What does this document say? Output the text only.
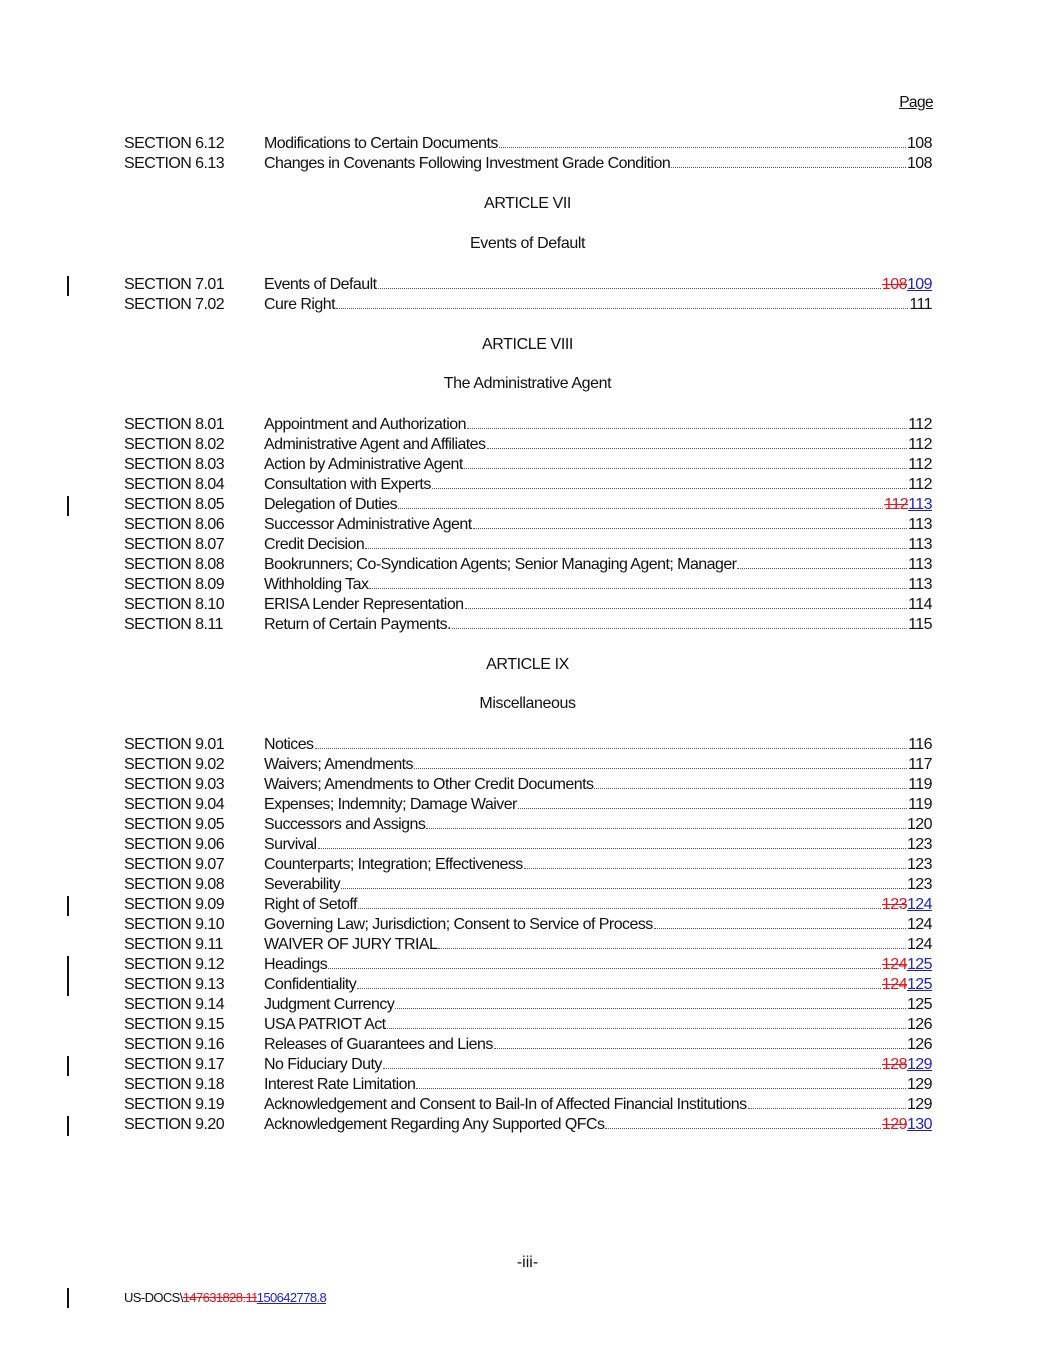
Page
SECTION 6.12	Modifications to Certain Documents	108
SECTION 6.13	Changes in Covenants Following Investment Grade Condition	108
ARTICLE VII
Events of Default
SECTION 7.01	Events of Default	108109
SECTION 7.02	Cure Right	111
ARTICLE VIII
The Administrative Agent
SECTION 8.01	Appointment and Authorization	112
SECTION 8.02	Administrative Agent and Affiliates	112
SECTION 8.03	Action by Administrative Agent	112
SECTION 8.04	Consultation with Experts	112
SECTION 8.05	Delegation of Duties	112113
SECTION 8.06	Successor Administrative Agent	113
SECTION 8.07	Credit Decision	113
SECTION 8.08	Bookrunners; Co-Syndication Agents; Senior Managing Agent; Manager	113
SECTION 8.09	Withholding Tax	113
SECTION 8.10	ERISA Lender Representation	114
SECTION 8.11	Return of Certain Payments.	115
ARTICLE IX
Miscellaneous
SECTION 9.01	Notices	116
SECTION 9.02	Waivers; Amendments	117
SECTION 9.03	Waivers; Amendments to Other Credit Documents	119
SECTION 9.04	Expenses; Indemnity; Damage Waiver	119
SECTION 9.05	Successors and Assigns	120
SECTION 9.06	Survival	123
SECTION 9.07	Counterparts; Integration; Effectiveness	123
SECTION 9.08	Severability	123
SECTION 9.09	Right of Setoff	123124
SECTION 9.10	Governing Law; Jurisdiction; Consent to Service of Process	124
SECTION 9.11	WAIVER OF JURY TRIAL	124
SECTION 9.12	Headings	124125
SECTION 9.13	Confidentiality	124125
SECTION 9.14	Judgment Currency	125
SECTION 9.15	USA PATRIOT Act	126
SECTION 9.16	Releases of Guarantees and Liens	126
SECTION 9.17	No Fiduciary Duty	128129
SECTION 9.18	Interest Rate Limitation	129
SECTION 9.19	Acknowledgement and Consent to Bail-In of Affected Financial Institutions	129
SECTION 9.20	Acknowledgement Regarding Any Supported QFCs	129130
-iii-
US-DOCS\147631828.11150642778.8
